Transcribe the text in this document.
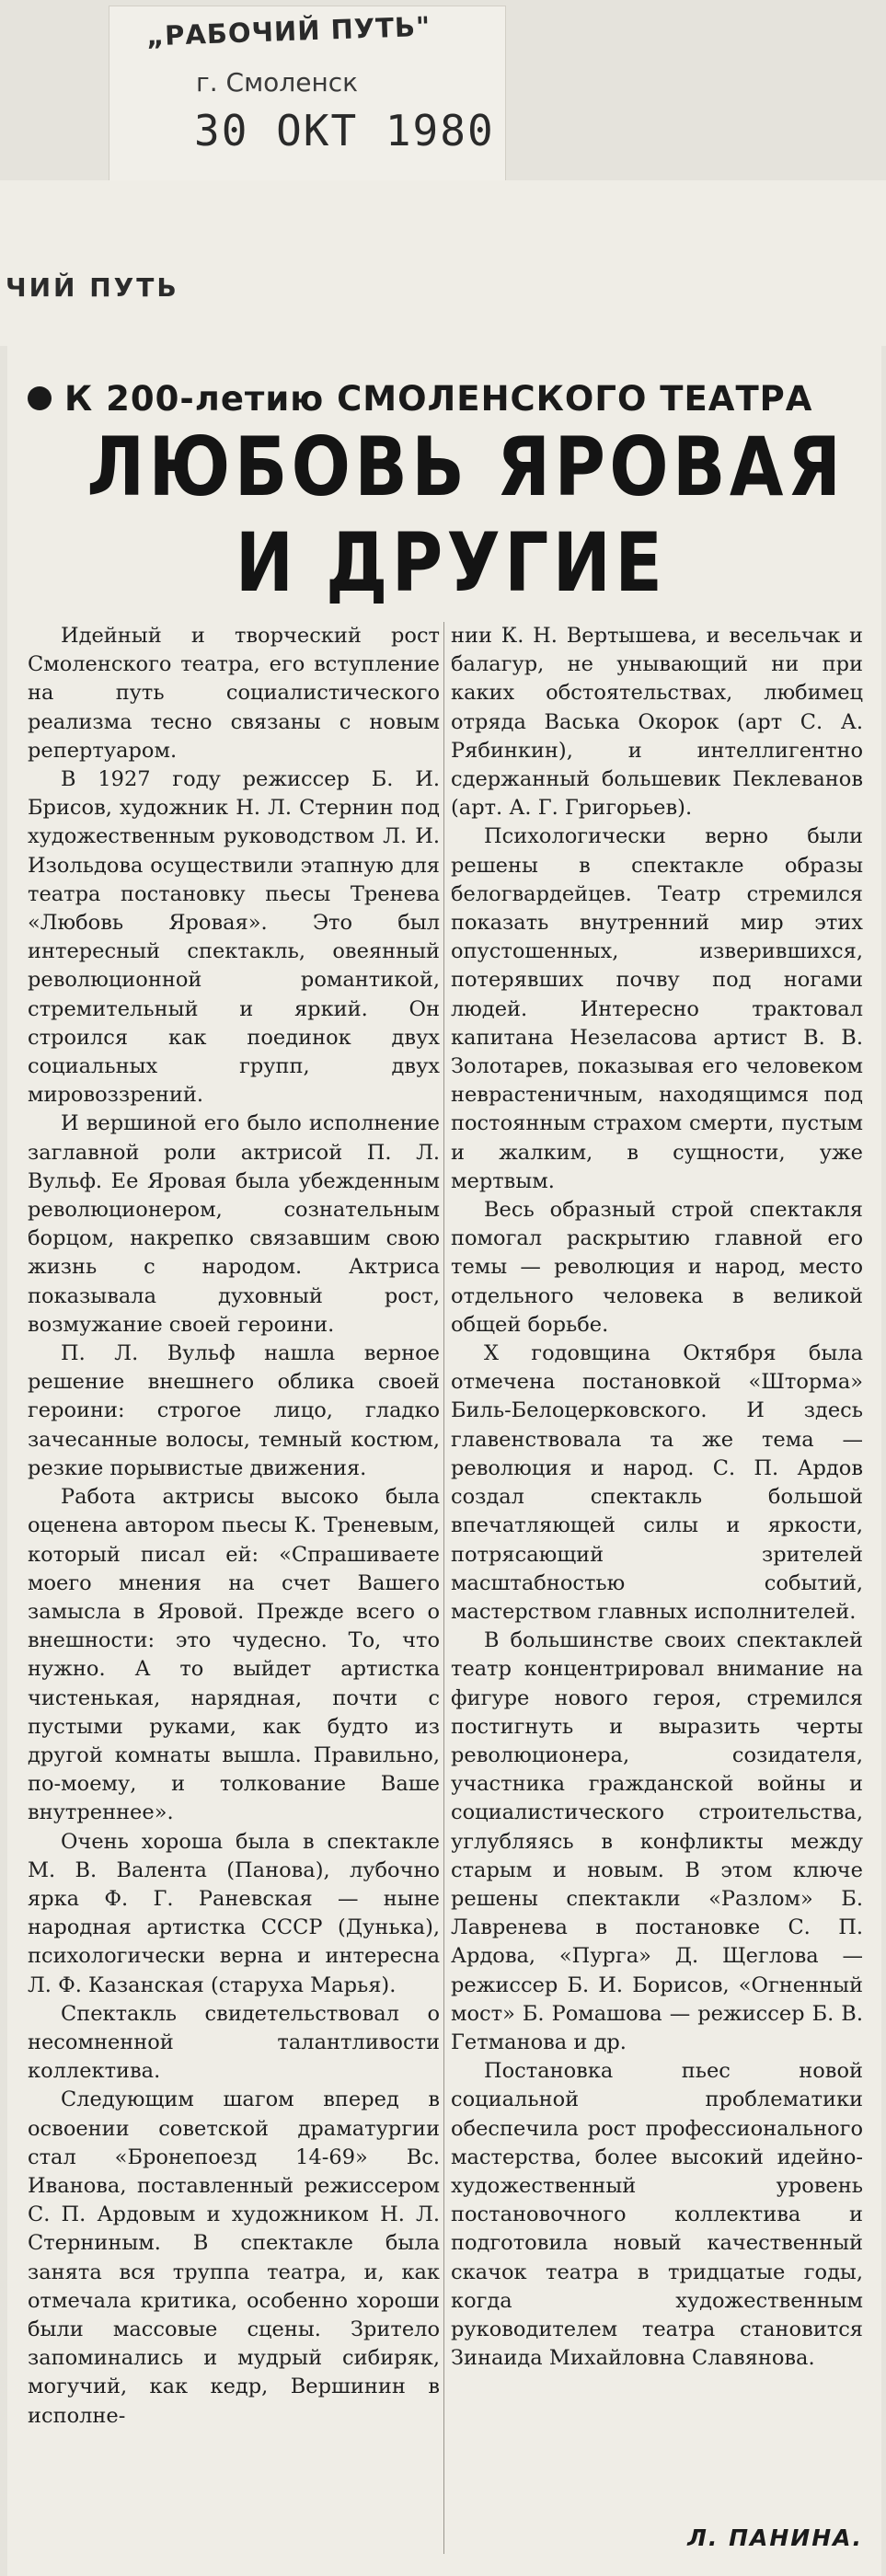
„РАБОЧИЙ ПУТЬ"
г. Смоленск
30 ОКТ 1980
ЧИЙ ПУТЬ
К 200-летию СМОЛЕНСКОГО ТЕАТРА
ЛЮБОВЬ ЯРОВАЯ
И ДРУГИЕ

Идейный и творческий рост Смоленского театра, его вступление на путь социалистического реализма тесно связаны с новым репертуаром.

В 1927 году режиссер Б. И. Брисов, художник Н. Л. Стернин под художественным руководством Л. И. Изольдова осуществили этапную для театра постановку пьесы Тренева «Любовь Яровая». Это был интересный спектакль, овеянный революционной романтикой, стремительный и яркий. Он строился как поединок двух социальных групп, двух мировоззрений.

И вершиной его было исполнение заглавной роли актрисой П. Л. Вульф. Ее Яровая была убежденным революционером, сознательным борцом, накрепко связавшим свою жизнь с народом. Актриса показывала духовный рост, возмужание своей героини.

П. Л. Вульф нашла верное решение внешнего облика своей героини: строгое лицо, гладко зачесанные волосы, темный костюм, резкие порывистые движения.

Работа актрисы высоко была оценена автором пьесы К. Треневым, который писал ей: «Спрашиваете моего мнения на счет Вашего замысла в Яровой. Прежде всего о внешности: это чудесно. То, что нужно. А то выйдет артистка чистенькая, нарядная, почти с пустыми руками, как будто из другой комнаты вышла. Правильно, по-моему, и толкование Ваше внутреннее».

Очень хороша была в спектакле М. В. Валента (Панова), лубочно ярка Ф. Г. Раневская — ныне народная артистка СССР (Дунька), психологически верна и интересна Л. Ф. Казанская (старуха Марья).

Спектакль свидетельствовал о несомненной талантливости коллектива.

Следующим шагом вперед в освоении советской драматургии стал «Бронепоезд 14-69» Вс. Иванова, поставленный режиссером С. П. Ардовым и художником Н. Л. Стерниным. В спектакле была занята вся труппа театра, и, как отмечала критика, особенно хороши были массовые сцены. Зритело запоминались и мудрый сибиряк, могучий, как кедр, Вершинин в исполне-

нии К. Н. Вертышева, и весельчак и балагур, не унывающий ни при каких обстоятельствах, любимец отряда Васька Окорок (арт С. А. Рябинкин), и интеллигентно сдержанный большевик Пеклеванов (арт. А. Г. Григорьев).

Психологически верно были решены в спектакле образы белогвардейцев. Театр стремился показать внутренний мир этих опустошенных, изверившихся, потерявших почву под ногами людей. Интересно трактовал капитана Незеласова артист В. В. Золотарев, показывая его человеком невраcтеничным, находящимся под постоянным страхом смерти, пустым и жалким, в сущности, уже мертвым.

Весь образный строй спектакля помогал раскрытию главной его темы — революция и народ, место отдельного человека в великой общей борьбе.

X годовщина Октября была отмечена постановкой «Шторма» Биль-Белоцерковского. И здесь главенствовала та же тема — революция и народ. С. П. Ардов создал спектакль большой впечатляющей силы и яркости, потрясающий зрителей масштабностью событий, мастерством главных исполнителей.

В большинстве своих спектаклей театр концентрировал внимание на фигуре нового героя, стремился постигнуть и выразить черты революционера, созидателя, участника гражданской войны и социалистического строительства, углубляясь в конфликты между старым и новым. В этом ключе решены спектакли «Разлом» Б. Лавренева в постановке С. П. Ардова, «Пурга» Д. Щеглова — режиссер Б. И. Борисов, «Огненный мост» Б. Ромашова — режиссер Б. В. Гетманова и др.

Постановка пьес новой социальной проблематики обеспечила рост профессионального мастерства, более высокий идейно-художественный уровень постановочного коллектива и подготовила новый качественный скачок театра в тридцатые годы, когда художественным руководителем театра становится Зинаида Михайловна Славянова.

Л. ПАНИНА.
